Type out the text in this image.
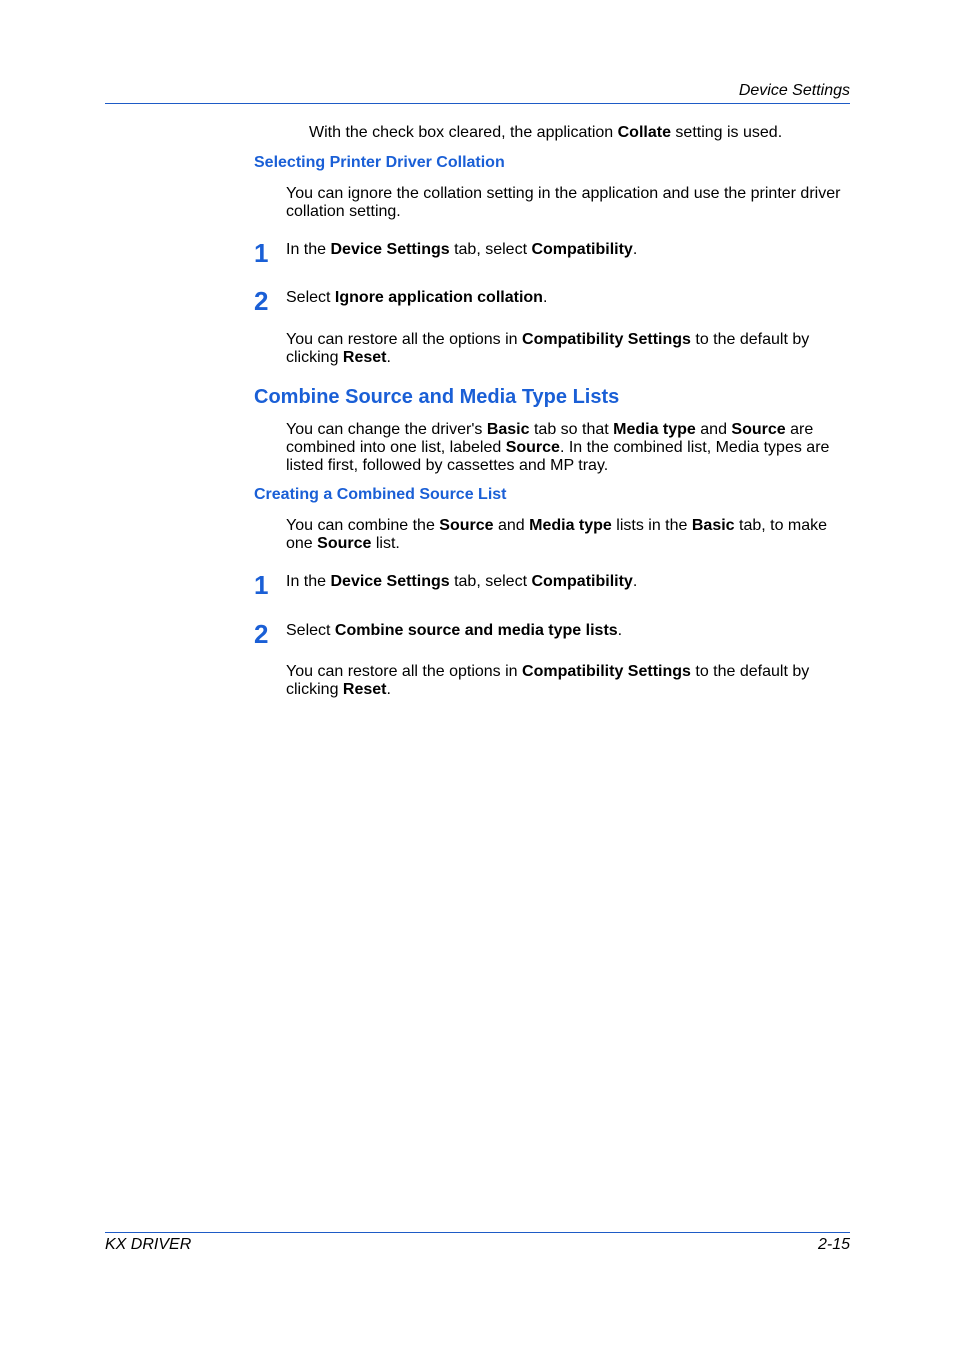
Device Settings
With the check box cleared, the application Collate setting is used.
Selecting Printer Driver Collation
You can ignore the collation setting in the application and use the printer driver collation setting.
1 In the Device Settings tab, select Compatibility.
2 Select Ignore application collation.
You can restore all the options in Compatibility Settings to the default by clicking Reset.
Combine Source and Media Type Lists
You can change the driver's Basic tab so that Media type and Source are combined into one list, labeled Source. In the combined list, Media types are listed first, followed by cassettes and MP tray.
Creating a Combined Source List
You can combine the Source and Media type lists in the Basic tab, to make one Source list.
1 In the Device Settings tab, select Compatibility.
2 Select Combine source and media type lists.
You can restore all the options in Compatibility Settings to the default by clicking Reset.
KX DRIVER	2-15
